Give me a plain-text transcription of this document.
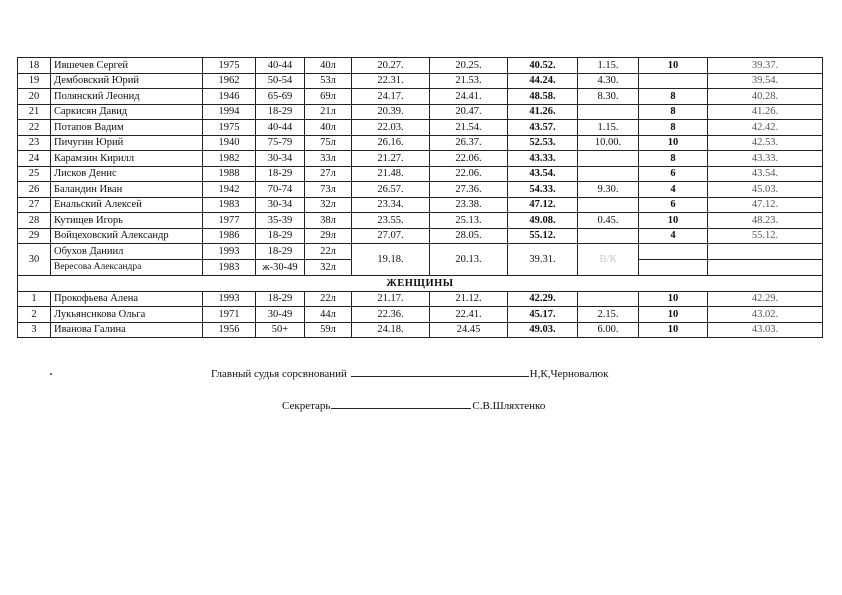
18	Ившечев Сергей	1975	40-44	40л	20.27.	20.25.	40.52.	1.15.	10	39.37.
19	Дембовский Юрий	1962	50-54	53л	22.31.	21.53.	44.24.	4.30.		39.54.
20	Полянский Леонид	1946	65-69	69л	24.17.	24.41.	48.58.	8.30.	8	40.28.
21	Саркисян Давид	1994	18-29	21л	20.39.	20.47.	41.26.		8	41.26.
22	Потапов Вадим	1975	40-44	40л	22.03.	21.54.	43.57.	1.15.	8	42.42.
23	Пичугин Юрий	1940	75-79	75л	26.16.	26.37.	52.53.	10.00.	10	42.53.
24	Карамзин Кирилл	1982	30-34	33л	21.27.	22.06.	43.33.		8	43.33.
25	Лисков Денис	1988	18-29	27л	21.48.	22.06.	43.54.		6	43.54.
26	Баландин Иван	1942	70-74	73л	26.57.	27.36.	54.33.	9.30.	4	45.03.
27	Енальский Алексей	1983	30-34	32л	23.34.	23.38.	47.12.		6	47.12.
28	Кутищев Игорь	1977	35-39	38л	23.55.	25.13.	49.08.	0.45.	10	48.23.
29	Войцеховский Александр	1986	18-29	29л	27.07.	28.05.	55.12.		4	55.12.
30	Обухов Даниил	1993	18-29	22л	19.18.	20.13.	39.31.	В/К		
	Вересова Александра	1983	ж-30-49	32л						
ЖЕНЩИНЫ										
1	Прокофьева Алена	1993	18-29	22л	21.17.	21.12.	42.29.		10	42.29.
2	Лукьянснкова Ольга	1971	30-49	44л	22.36.	22.41.	45.17.	2.15.	10	43.02.
3	Иванова Галина	1956	50+	59л	24.18.	24.45	49.03.	6.00.	10	43.03.
Главный судья сорсвнований	Н,К,Черновалюк
Секретарь	С.В.Шляхтенко
